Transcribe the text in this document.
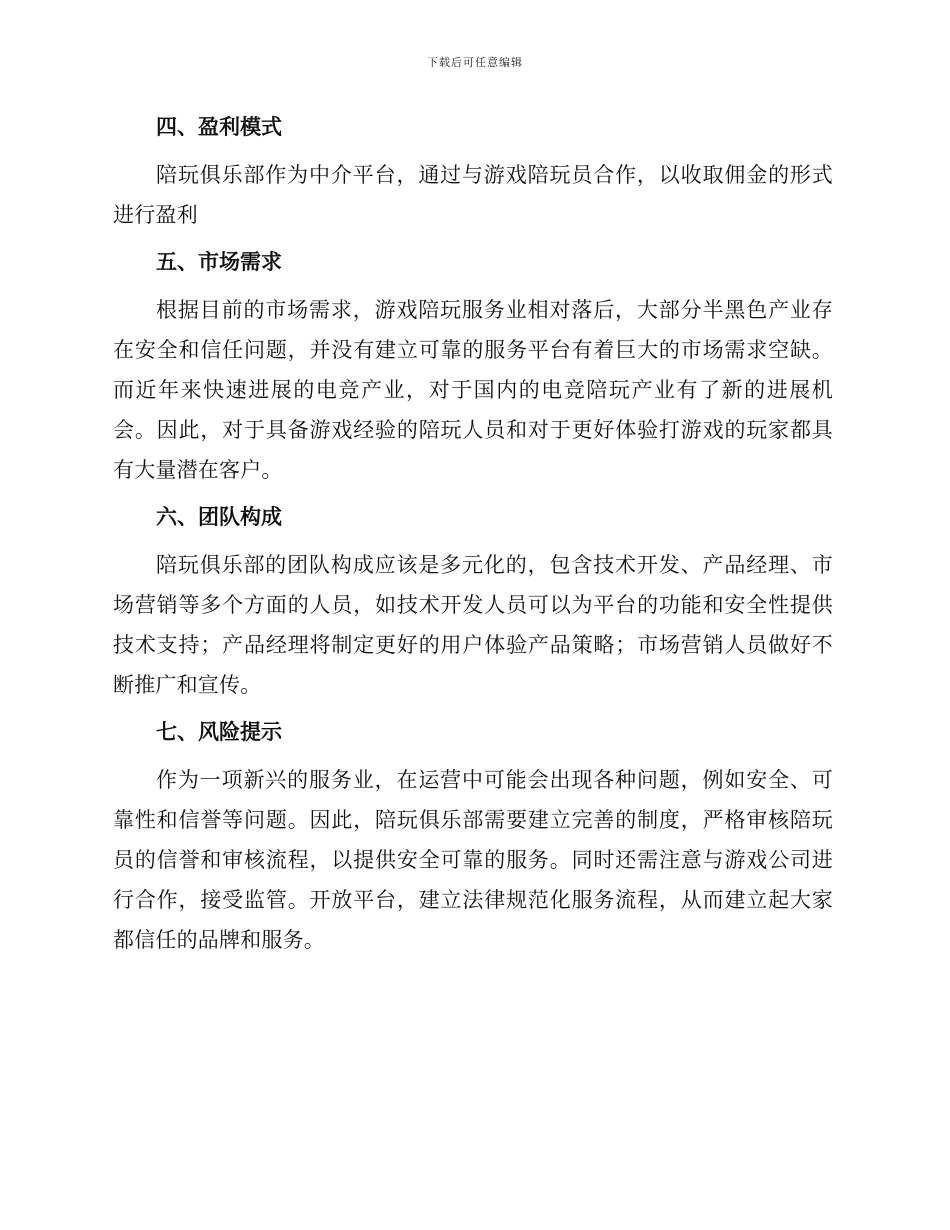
下载后可任意编辑
四、盈利模式

陪玩俱乐部作为中介平台，通过与游戏陪玩员合作，以收取佣金的形式进行盈利

五、市场需求

根据目前的市场需求，游戏陪玩服务业相对落后，大部分半黑色产业存在安全和信任问题，并没有建立可靠的服务平台有着巨大的市场需求空缺。而近年来快速进展的电竞产业，对于国内的电竞陪玩产业有了新的进展机会。因此，对于具备游戏经验的陪玩人员和对于更好体验打游戏的玩家都具有大量潜在客户。

六、团队构成

陪玩俱乐部的团队构成应该是多元化的，包含技术开发、产品经理、市场营销等多个方面的人员，如技术开发人员可以为平台的功能和安全性提供技术支持；产品经理将制定更好的用户体验产品策略；市场营销人员做好不断推广和宣传。

七、风险提示

作为一项新兴的服务业，在运营中可能会出现各种问题，例如安全、可靠性和信誉等问题。因此，陪玩俱乐部需要建立完善的制度，严格审核陪玩员的信誉和审核流程，以提供安全可靠的服务。同时还需注意与游戏公司进行合作，接受监管。开放平台，建立法律规范化服务流程，从而建立起大家都信任的品牌和服务。
